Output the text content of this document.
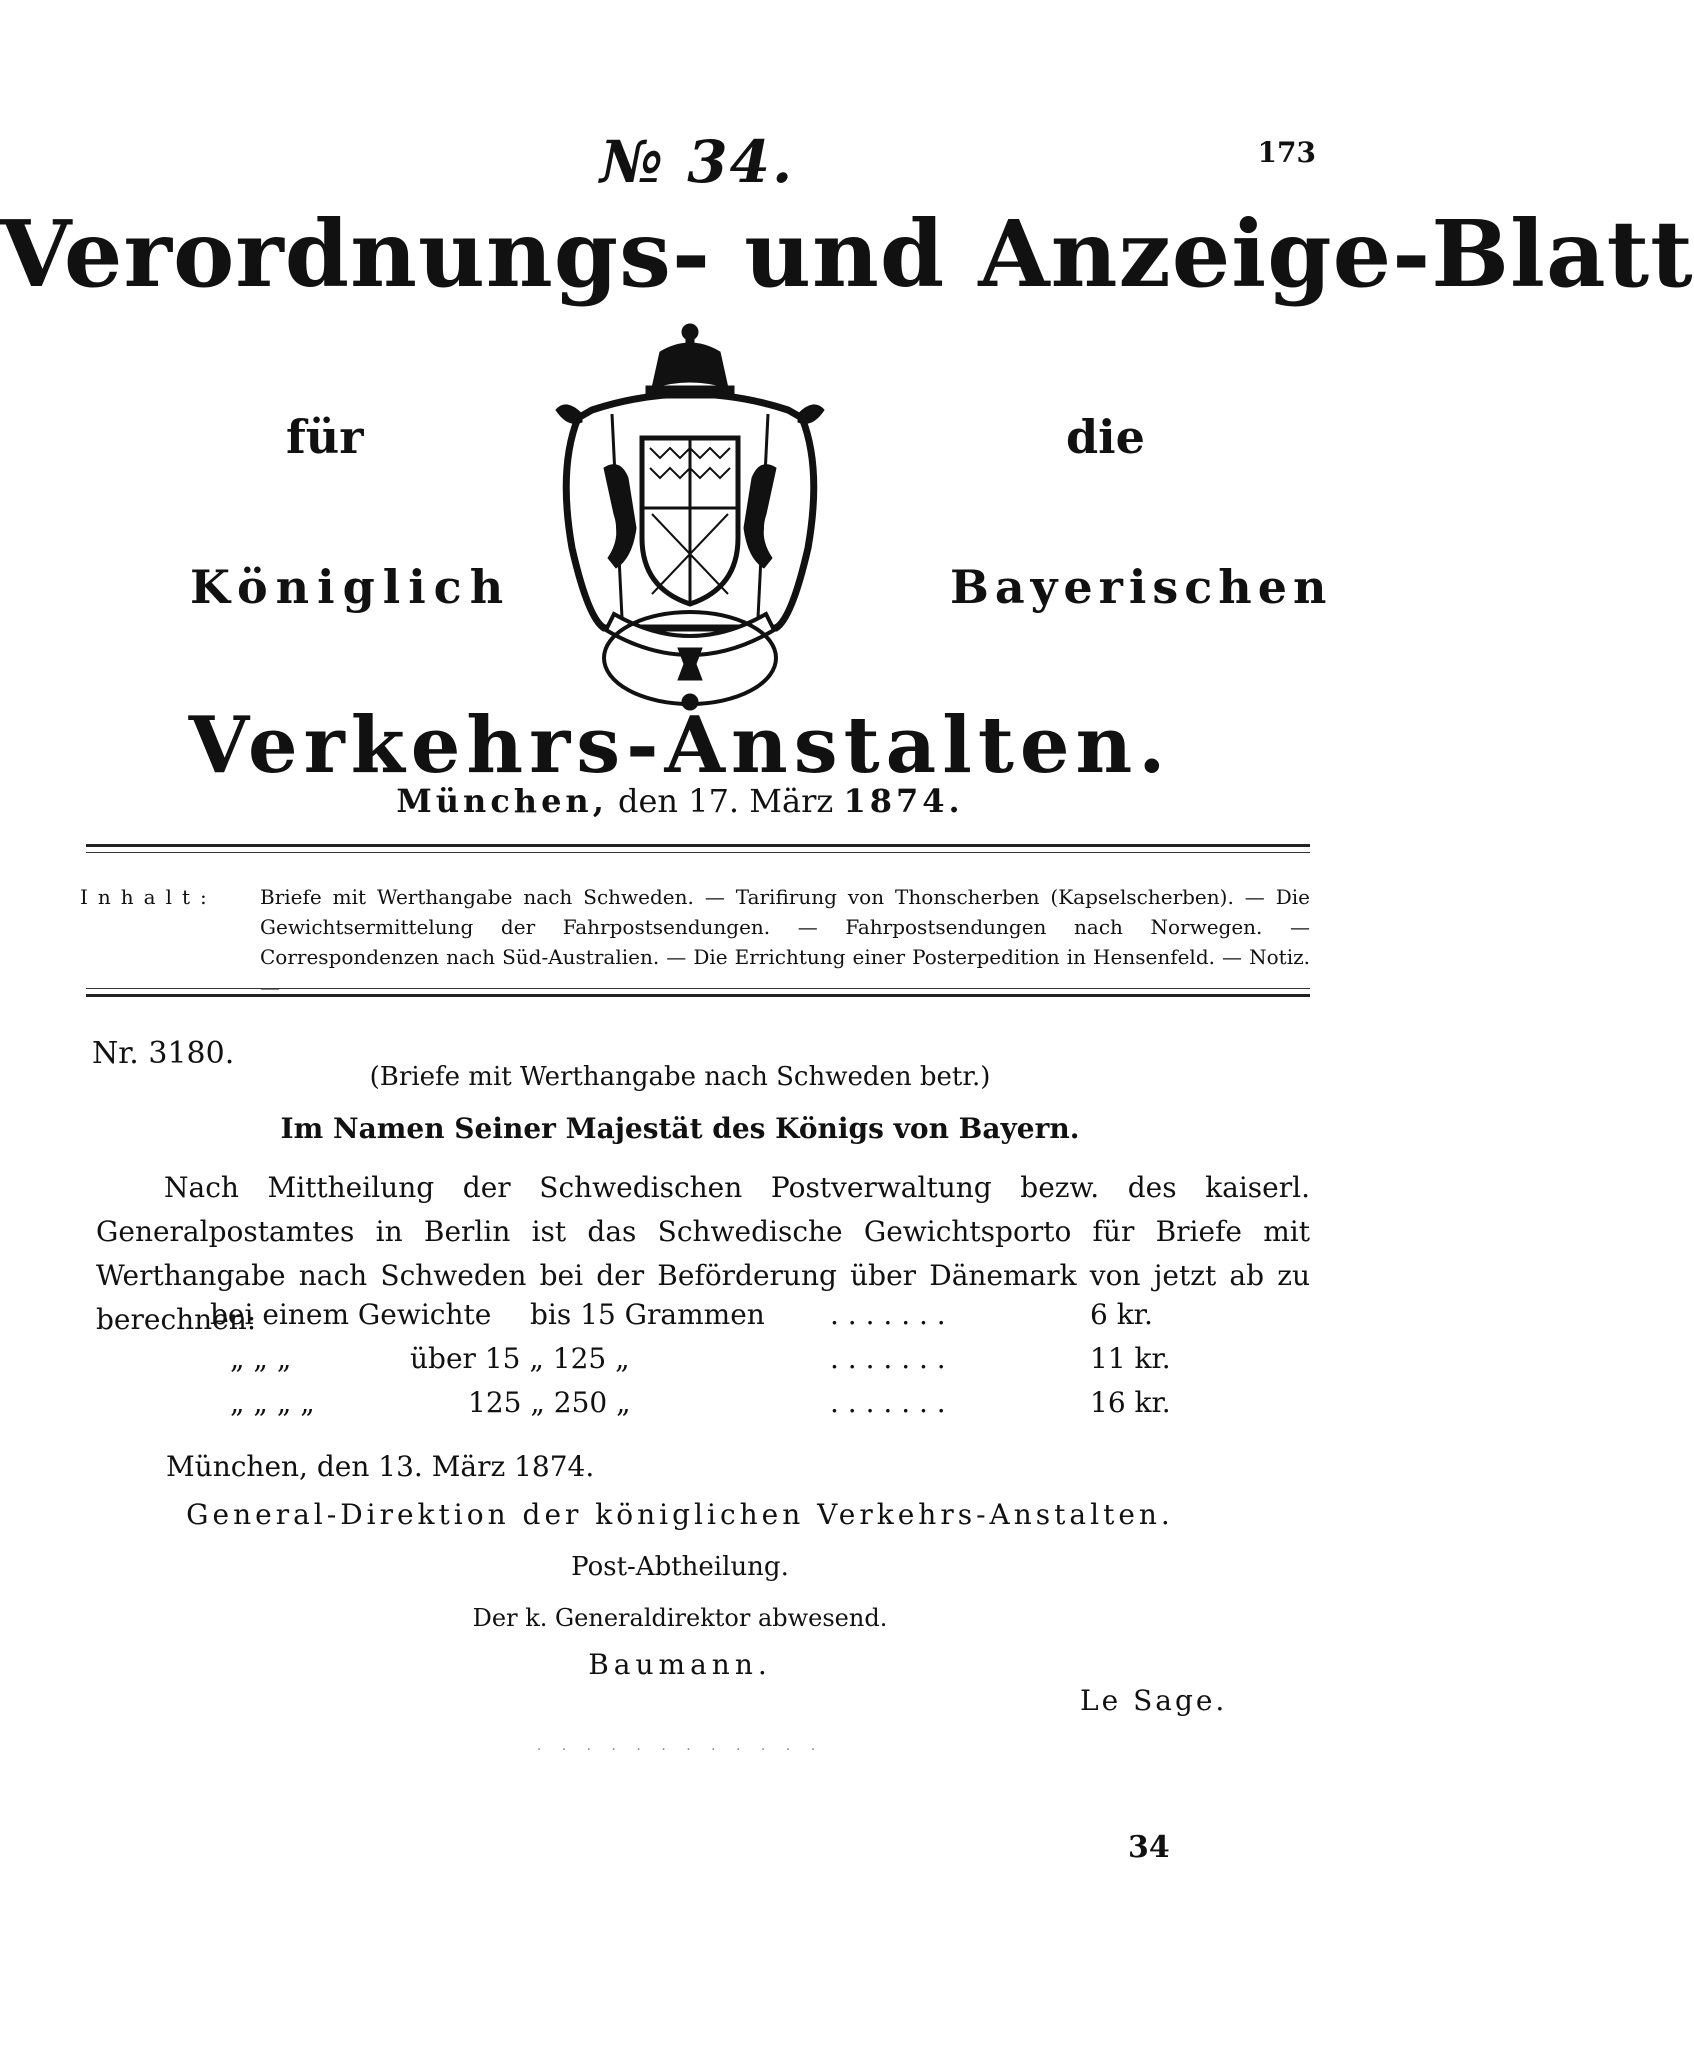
№ 34.	173
Verordnungs- und Anzeige-Blatt
für	die
Königlich	Bayerischen
Verkehrs-Anstalten.
München, den 17. März 1874.
Inhalt: Briefe mit Werthangabe nach Schweden. — Tarifirung von Thonscherben (Kapselscherben). — Die Gewichtsermittelung der Fahrpostsendungen. — Fahrpostsendungen nach Norwegen. — Correspondenzen nach Süd-Australien. — Die Errichtung einer Posterpedition in Hensenfeld. — Notiz. —
Nr. 3180.
(Briefe mit Werthangabe nach Schweden betr.)
Im Namen Seiner Majestät des Königs von Bayern.

Nach Mittheilung der Schwedischen Postverwaltung bezw. des kaiserl. Generalpostamtes in Berlin ist das Schwedische Gewichtsporto für Briefe mit Werthangabe nach Schweden bei der Beförderung über Dänemark von jetzt ab zu berechnen:

bei einem Gewichte bis 15 Grammen . . . . . . .	6 kr.
„ „ „	über 15 „ 125 „	. . . . . . .	11 kr.
„ „ „ „	125 „ 250 „	. . . . . . .	16 kr.
München, den 13. März 1874.
General-Direktion der königlichen Verkehrs-Anstalten.
Post-Abtheilung.
Der k. Generaldirektor abwesend.
Baumann.
Le Sage.
· · · · · · · · · · · ·
34
